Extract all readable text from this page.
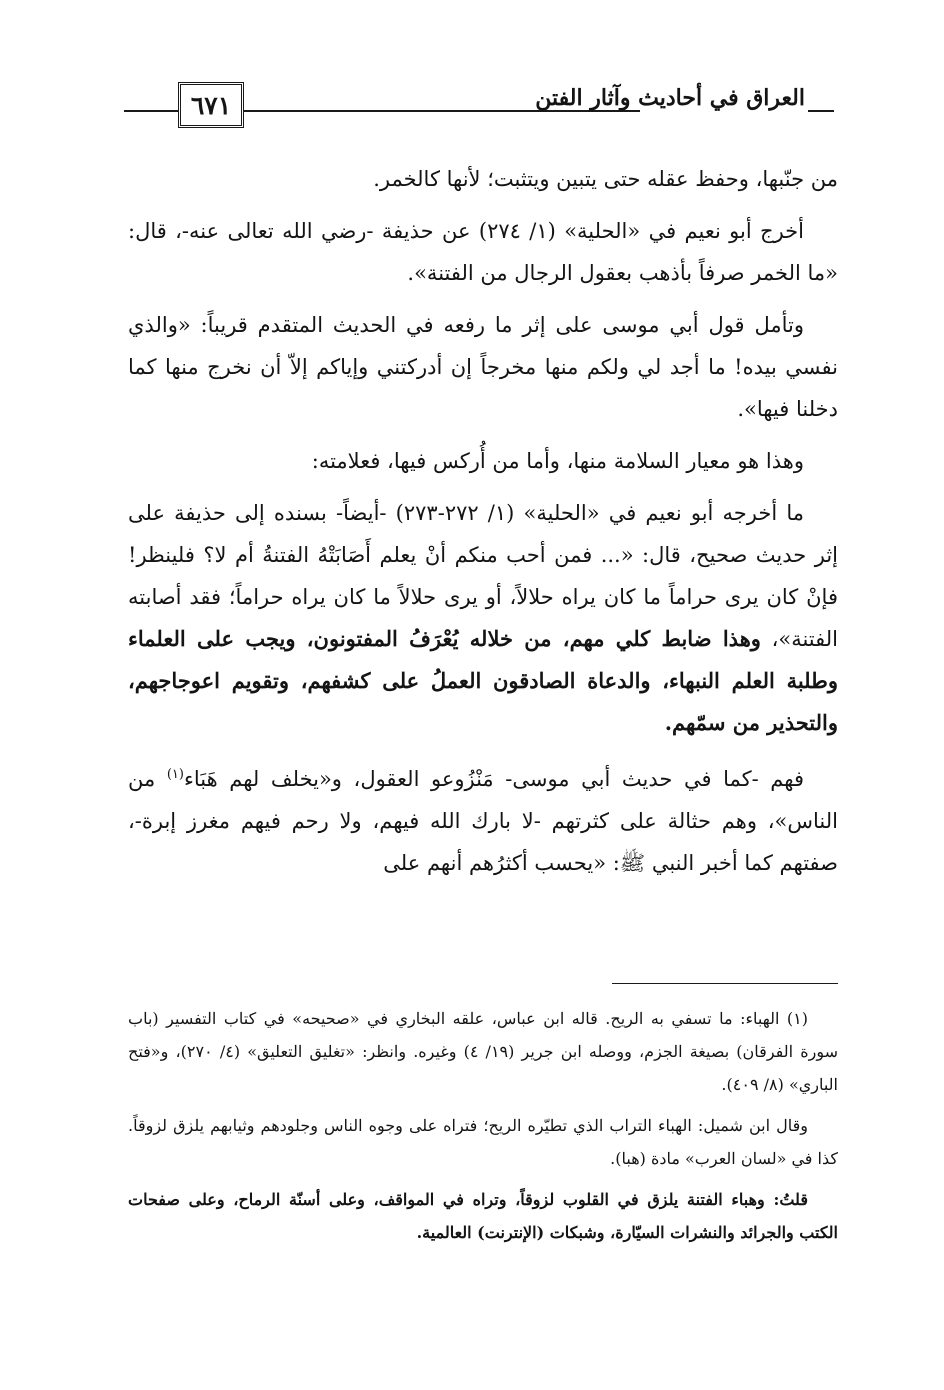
٦٧١	العراق في أحاديث وآثار الفتن

من جنّبها، وحفظ عقله حتى يتبين ويتثبت؛ لأنها كالخمر.

أخرج أبو نعيم في «الحلية» (١/ ٢٧٤) عن حذيفة -رضي الله تعالى عنه-، قال: «ما الخمر صرفاً بأذهب بعقول الرجال من الفتنة».

وتأمل قول أبي موسى على إثر ما رفعه في الحديث المتقدم قريباً: «والذي نفسي بيده! ما أجد لي ولكم منها مخرجاً إن أدركتني وإياكم إلاّ أن نخرج منها كما دخلنا فيها».

وهذا هو معيار السلامة منها، وأما من أُركس فيها، فعلامته:

ما أخرجه أبو نعيم في «الحلية» (١/ ٢٧٢-٢٧٣) -أيضاً- بسنده إلى حذيفة على إثر حديث صحيح، قال: «... فمن أحب منكم أنْ يعلم أَصَابَتْهُ الفتنةُ أم لا؟ فلينظر! فإنْ كان يرى حراماً ما كان يراه حلالاً، أو يرى حلالاً ما كان يراه حراماً؛ فقد أصابته الفتنة»، وهذا ضابط كلي مهم، من خلاله يُعْرَفُ المفتونون، ويجب على العلماء وطلبة العلم النبهاء، والدعاة الصادقون العملُ على كشفهم، وتقويم اعوجاجهم، والتحذير من سمّهم.

فهم -كما في حديث أبي موسى- مَنْزُوعو العقول، و«يخلف لهم هَبَاء$^{(١)}$ من الناس»، وهم حثالة على كثرتهم -لا بارك الله فيهم، ولا رحم فيهم مغرز إبرة-، صفتهم كما أخبر النبي ﷺ: «يحسب أكثرُهم أنهم على

(١) الهباء: ما تسفي به الريح. قاله ابن عباس، علقه البخاري في «صحيحه» في كتاب التفسير (باب سورة الفرقان) بصيغة الجزم، ووصله ابن جرير (١٩/ ٤) وغيره. وانظر: «تغليق التعليق» (٤/ ٢٧٠)، و«فتح الباري» (٨/ ٤٠٩).

وقال ابن شميل: الهباء التراب الذي تطيّره الريح؛ فتراه على وجوه الناس وجلودهم وثيابهم يلزق لزوقاً. كذا في «لسان العرب» مادة (هبا).

قلتُ: وهباء الفتنة يلزق في القلوب لزوقاً، وتراه في المواقف، وعلى أسنّة الرماح، وعلى صفحات الكتب والجرائد والنشرات السيّارة، وشبكات (الإنترنت) العالمية.
